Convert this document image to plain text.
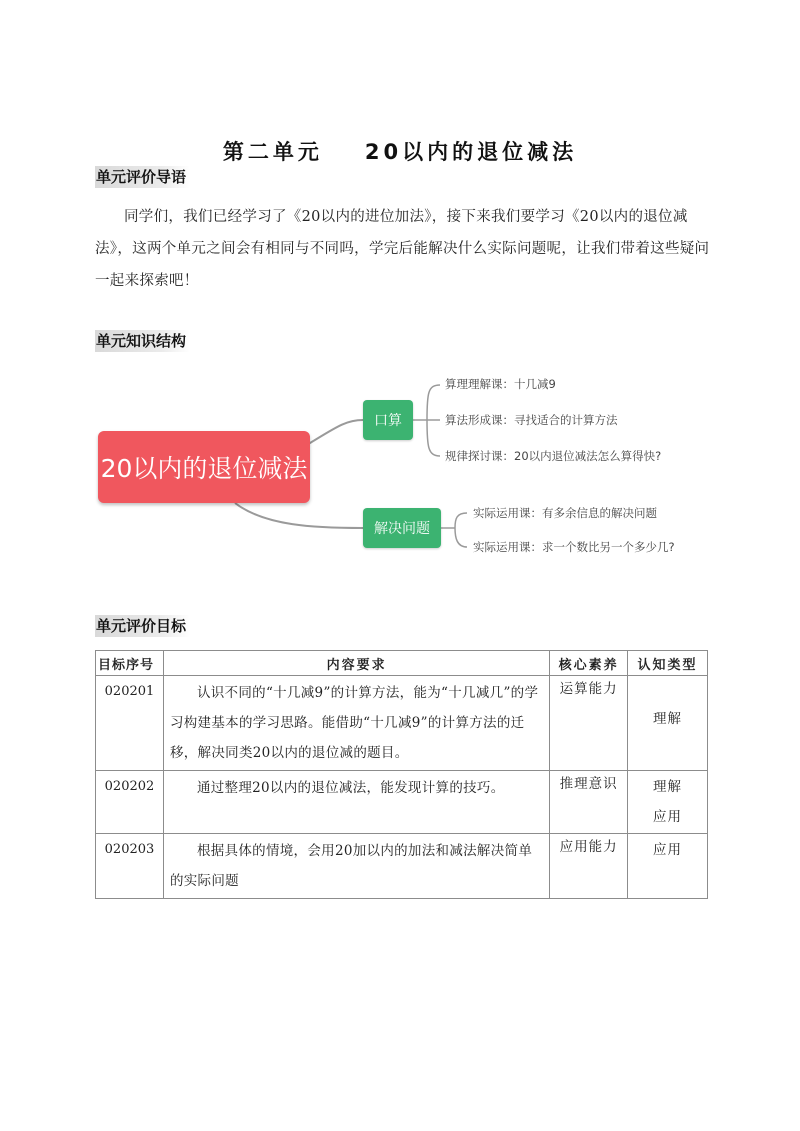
第二单元 20以内的退位减法
单元评价导语
同学们，我们已经学习了《20以内的进位加法》，接下来我们要学习《20以内的退位减法》，这两个单元之间会有相同与不同吗，学完后能解决什么实际问题呢，让我们带着这些疑问一起来探索吧！
单元知识结构
20以内的退位减法
口算
解决问题
算理理解课：十几减9
算法形成课：寻找适合的计算方法
规律探讨课：20以内退位减法怎么算得快?
实际运用课：有多余信息的解决问题
实际运用课：求一个数比另一个多少几?
单元评价目标
目标序号	内容要求	核心素养	认知类型
020201	认识不同的“十几减9”的计算方法，能为“十几减几”的学习构建基本的学习思路。能借助“十几减9”的计算方法的迁移，解决同类20以内的退位减的题目。	运算能力	理解

020202	通过整理20以内的退位减法，能发现计算的技巧。	推理意识	理解
应用

020203	根据具体的情境，会用20加以内的加法和减法解决简单的实际问题	应用能力	应用
